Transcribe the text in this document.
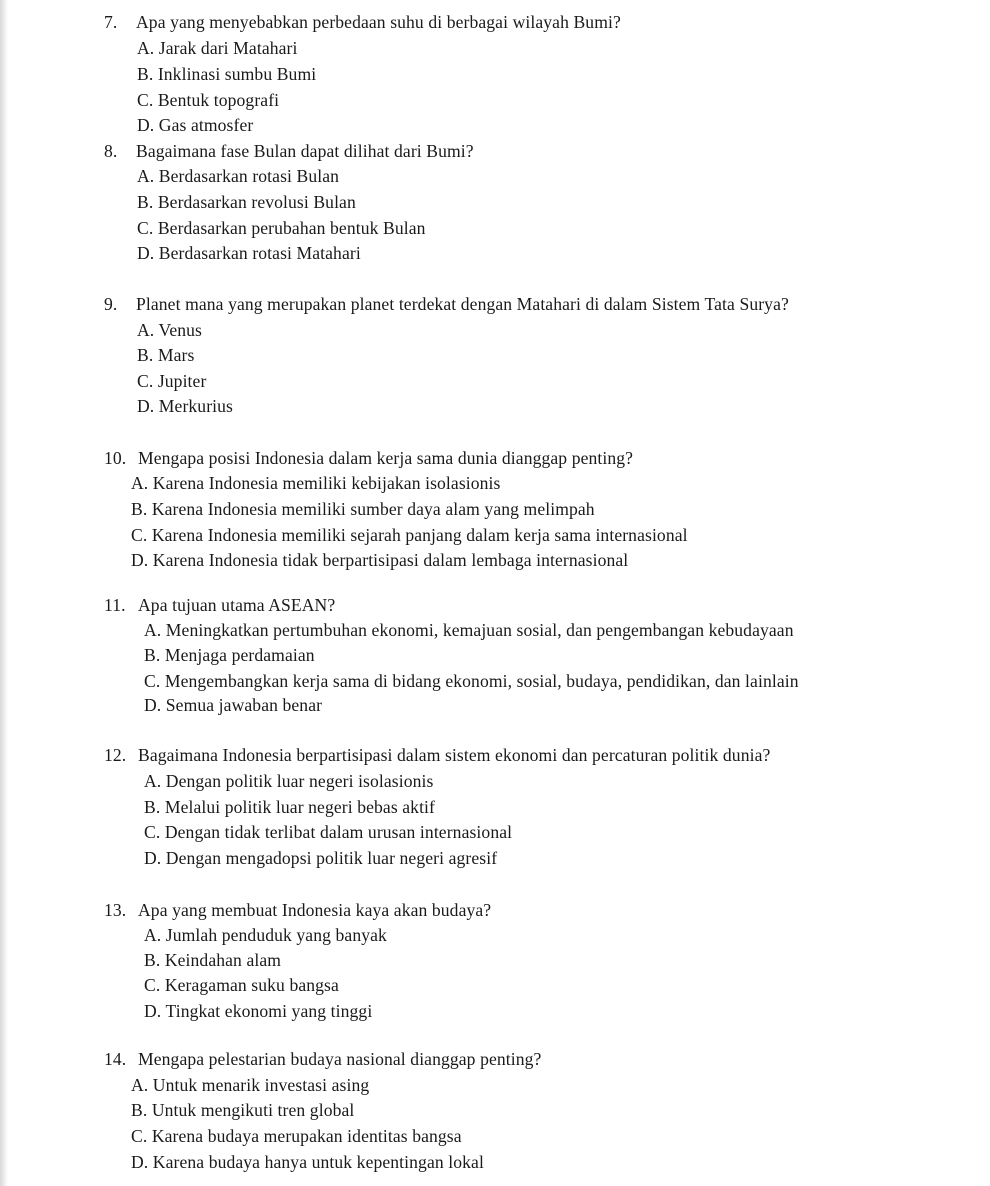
7. Apa yang menyebabkan perbedaan suhu di berbagai wilayah Bumi?
A. Jarak dari Matahari
B. Inklinasi sumbu Bumi
C. Bentuk topografi
D. Gas atmosfer
8. Bagaimana fase Bulan dapat dilihat dari Bumi?
A. Berdasarkan rotasi Bulan
B. Berdasarkan revolusi Bulan
C. Berdasarkan perubahan bentuk Bulan
D. Berdasarkan rotasi Matahari
9. Planet mana yang merupakan planet terdekat dengan Matahari di dalam Sistem Tata Surya?
A. Venus
B. Mars
C. Jupiter
D. Merkurius
10. Mengapa posisi Indonesia dalam kerja sama dunia dianggap penting?
A. Karena Indonesia memiliki kebijakan isolasionis
B. Karena Indonesia memiliki sumber daya alam yang melimpah
C. Karena Indonesia memiliki sejarah panjang dalam kerja sama internasional
D. Karena Indonesia tidak berpartisipasi dalam lembaga internasional
11. Apa tujuan utama ASEAN?
A. Meningkatkan pertumbuhan ekonomi, kemajuan sosial, dan pengembangan kebudayaan
B. Menjaga perdamaian
C. Mengembangkan kerja sama di bidang ekonomi, sosial, budaya, pendidikan, dan lainlain
D. Semua jawaban benar
12. Bagaimana Indonesia berpartisipasi dalam sistem ekonomi dan percaturan politik dunia?
A. Dengan politik luar negeri isolasionis
B. Melalui politik luar negeri bebas aktif
C. Dengan tidak terlibat dalam urusan internasional
D. Dengan mengadopsi politik luar negeri agresif
13. Apa yang membuat Indonesia kaya akan budaya?
A. Jumlah penduduk yang banyak
B. Keindahan alam
C. Keragaman suku bangsa
D. Tingkat ekonomi yang tinggi
14. Mengapa pelestarian budaya nasional dianggap penting?
A. Untuk menarik investasi asing
B. Untuk mengikuti tren global
C. Karena budaya merupakan identitas bangsa
D. Karena budaya hanya untuk kepentingan lokal
